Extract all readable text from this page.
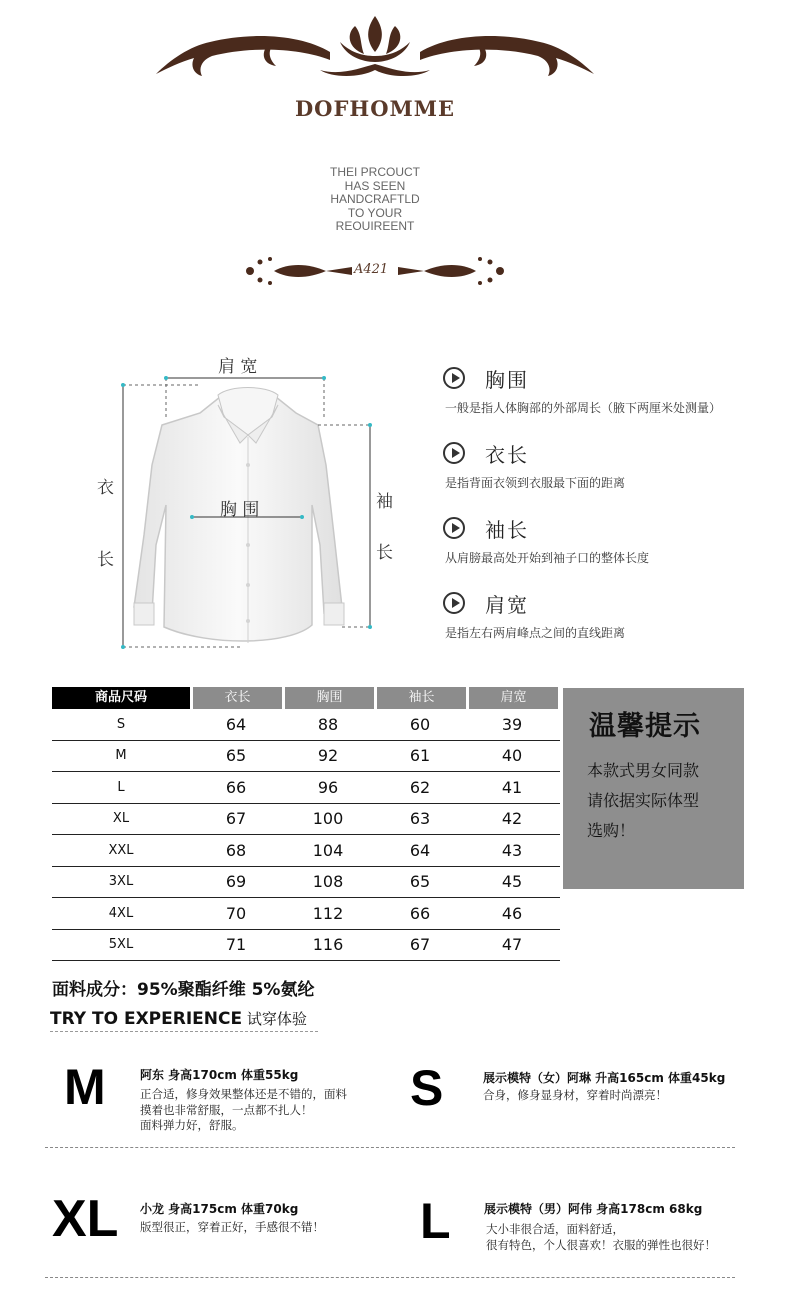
DOFHOMME
THEI PRCOUCT
HAS SEEN
HANDCRAFTLD
TO YOUR
REOUIREENT
A421
肩 宽
胸 围
衣
长
袖
长
胸围
一般是指人体胸部的外部周长（腋下两厘米处测量）
衣长
是指背面衣领到衣服最下面的距离
袖长
从肩膀最高处开始到袖子口的整体长度
肩宽
是指左右两肩峰点之间的直线距离
商品尺码	衣长	胸围	袖长	肩宽
S	64	88	60	39
M	65	92	61	40
L	66	96	62	41
XL	67	100	63	42
XXL	68	104	64	43
3XL	69	108	65	45
4XL	70	112	66	46
5XL	71	116	67	47
温馨提示
本款式男女同款
请依据实际体型
选购！
面料成分：95%聚酯纤维 5%氨纶
TRY TO EXPERIENCE 试穿体验
M	阿东 身高170cm 体重55kg
正合适，修身效果整体还是不错的，面料
摸着也非常舒服，一点都不扎人！
面料弹力好，舒服。
S	展示模特（女）阿琳 升高165cm 体重45kg
合身，修身显身材，穿着时尚漂亮！
XL 小龙 身高175cm 体重70kg
版型很正，穿着正好，手感很不错！ L	展示模特（男）阿伟 身高178cm 68kg
大小非很合适，面料舒适，
很有特色，个人很喜欢！衣服的弹性也很好！
